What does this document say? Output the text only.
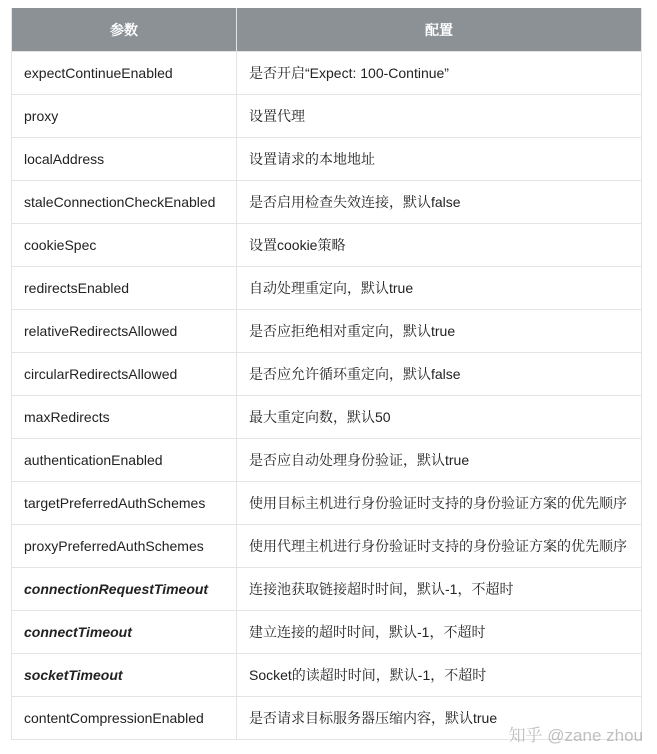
参数	配置
expectContinueEnabled	是否开启“Expect: 100-Continue”
proxy	设置代理
localAddress	设置请求的本地地址
staleConnectionCheckEnabled	是否启用检查失效连接，默认false
cookieSpec	设置cookie策略
redirectsEnabled	自动处理重定向，默认true
relativeRedirectsAllowed	是否应拒绝相对重定向，默认true
circularRedirectsAllowed	是否应允许循环重定向，默认false
maxRedirects	最大重定向数，默认50
authenticationEnabled	是否应自动处理身份验证，默认true
targetPreferredAuthSchemes	使用目标主机进行身份验证时支持的身份验证方案的优先顺序
proxyPreferredAuthSchemes	使用代理主机进行身份验证时支持的身份验证方案的优先顺序
connectionRequestTimeout	连接池获取链接超时时间，默认-1，不超时
connectTimeout	建立连接的超时时间，默认-1，不超时
socketTimeout	Socket的读超时时间，默认-1，不超时
contentCompressionEnabled	是否请求目标服务器压缩内容，默认true
知乎 @zane zhou
